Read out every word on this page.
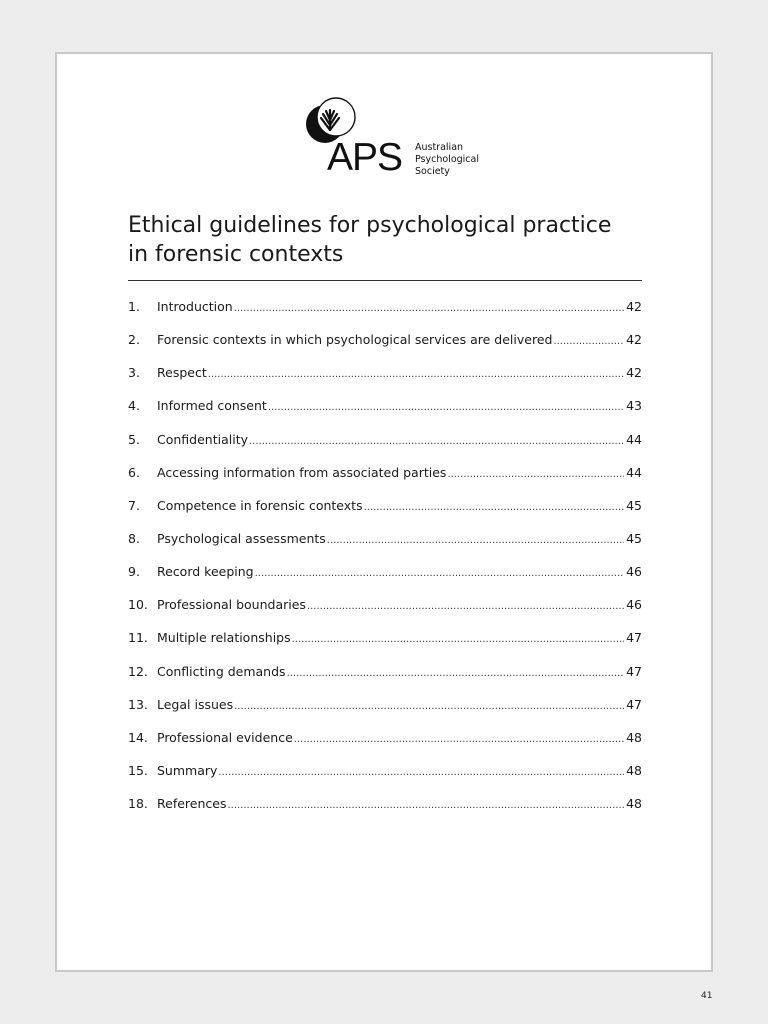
APS Australian
Psychological
Society
Ethical guidelines for psychological practice
in forensic contexts
1.	Introduction .....	42
2.	Forensic contexts in which psychological services are delivered .....	42
3.	Respect .....	42
4.	Informed consent .....	43
5.	Confidentiality .....	44
6.	Accessing information from associated parties .....	44
7.	Competence in forensic contexts .....	45
8.	Psychological assessments .....	45
9.	Record keeping .....	46
10. Professional boundaries .....	46
11. Multiple relationships .....	47
12. Conflicting demands .....	47
13. Legal issues .....	47
14. Professional evidence .....	48
15. Summary .....	48
18. References .....	48
41
